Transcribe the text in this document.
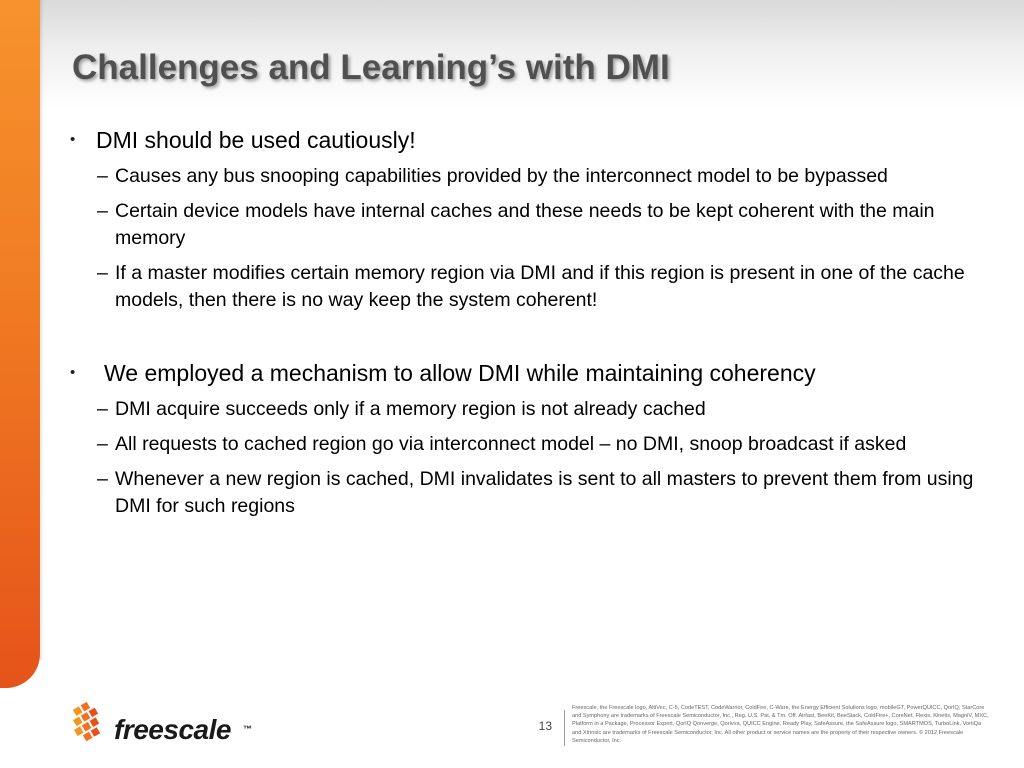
Challenges and Learning’s with DMI
• DMI should be used cautiously!
– Causes any bus snooping capabilities provided by the interconnect model to be bypassed
– Certain device models have internal caches and these needs to be kept coherent with the main memory
– If a master modifies certain memory region via DMI and if this region is present in one of the cache models, then there is no way keep the system coherent!
• We employed a mechanism to allow DMI while maintaining coherency
– DMI acquire succeeds only if a memory region is not already cached
– All requests to cached region go via interconnect model – no DMI, snoop broadcast if asked
– Whenever a new region is cached, DMI invalidates is sent to all masters to prevent them from using DMI for such regions
freescale ™	13
Freescale, the Freescale logo, AltiVec, C-5, CodeTEST, CodeWarrior, ColdFire, C-Ware, the Energy Efficient Solutions logo, mobileGT, PowerQUICC, QorIQ, StarCore and Symphony are trademarks of Freescale Semiconductor, Inc., Reg. U.S. Pat. & Tm. Off. Airfast, BeeKit, BeeStack, ColdFire+, CoreNet, Flexis, Kinetis, MagniV, MXC, Platform in a Package, Processor Expert, QorIQ Qonverge, Qorivva, QUICC Engine, Ready Play, SafeAssure, the SafeAssure logo, SMARTMOS, TurboLink, VortiQa and Xtrinsic are trademarks of Freescale Semiconductor, Inc. All other product or service names are the property of their respective owners. © 2012 Freescale Semiconductor, Inc.
